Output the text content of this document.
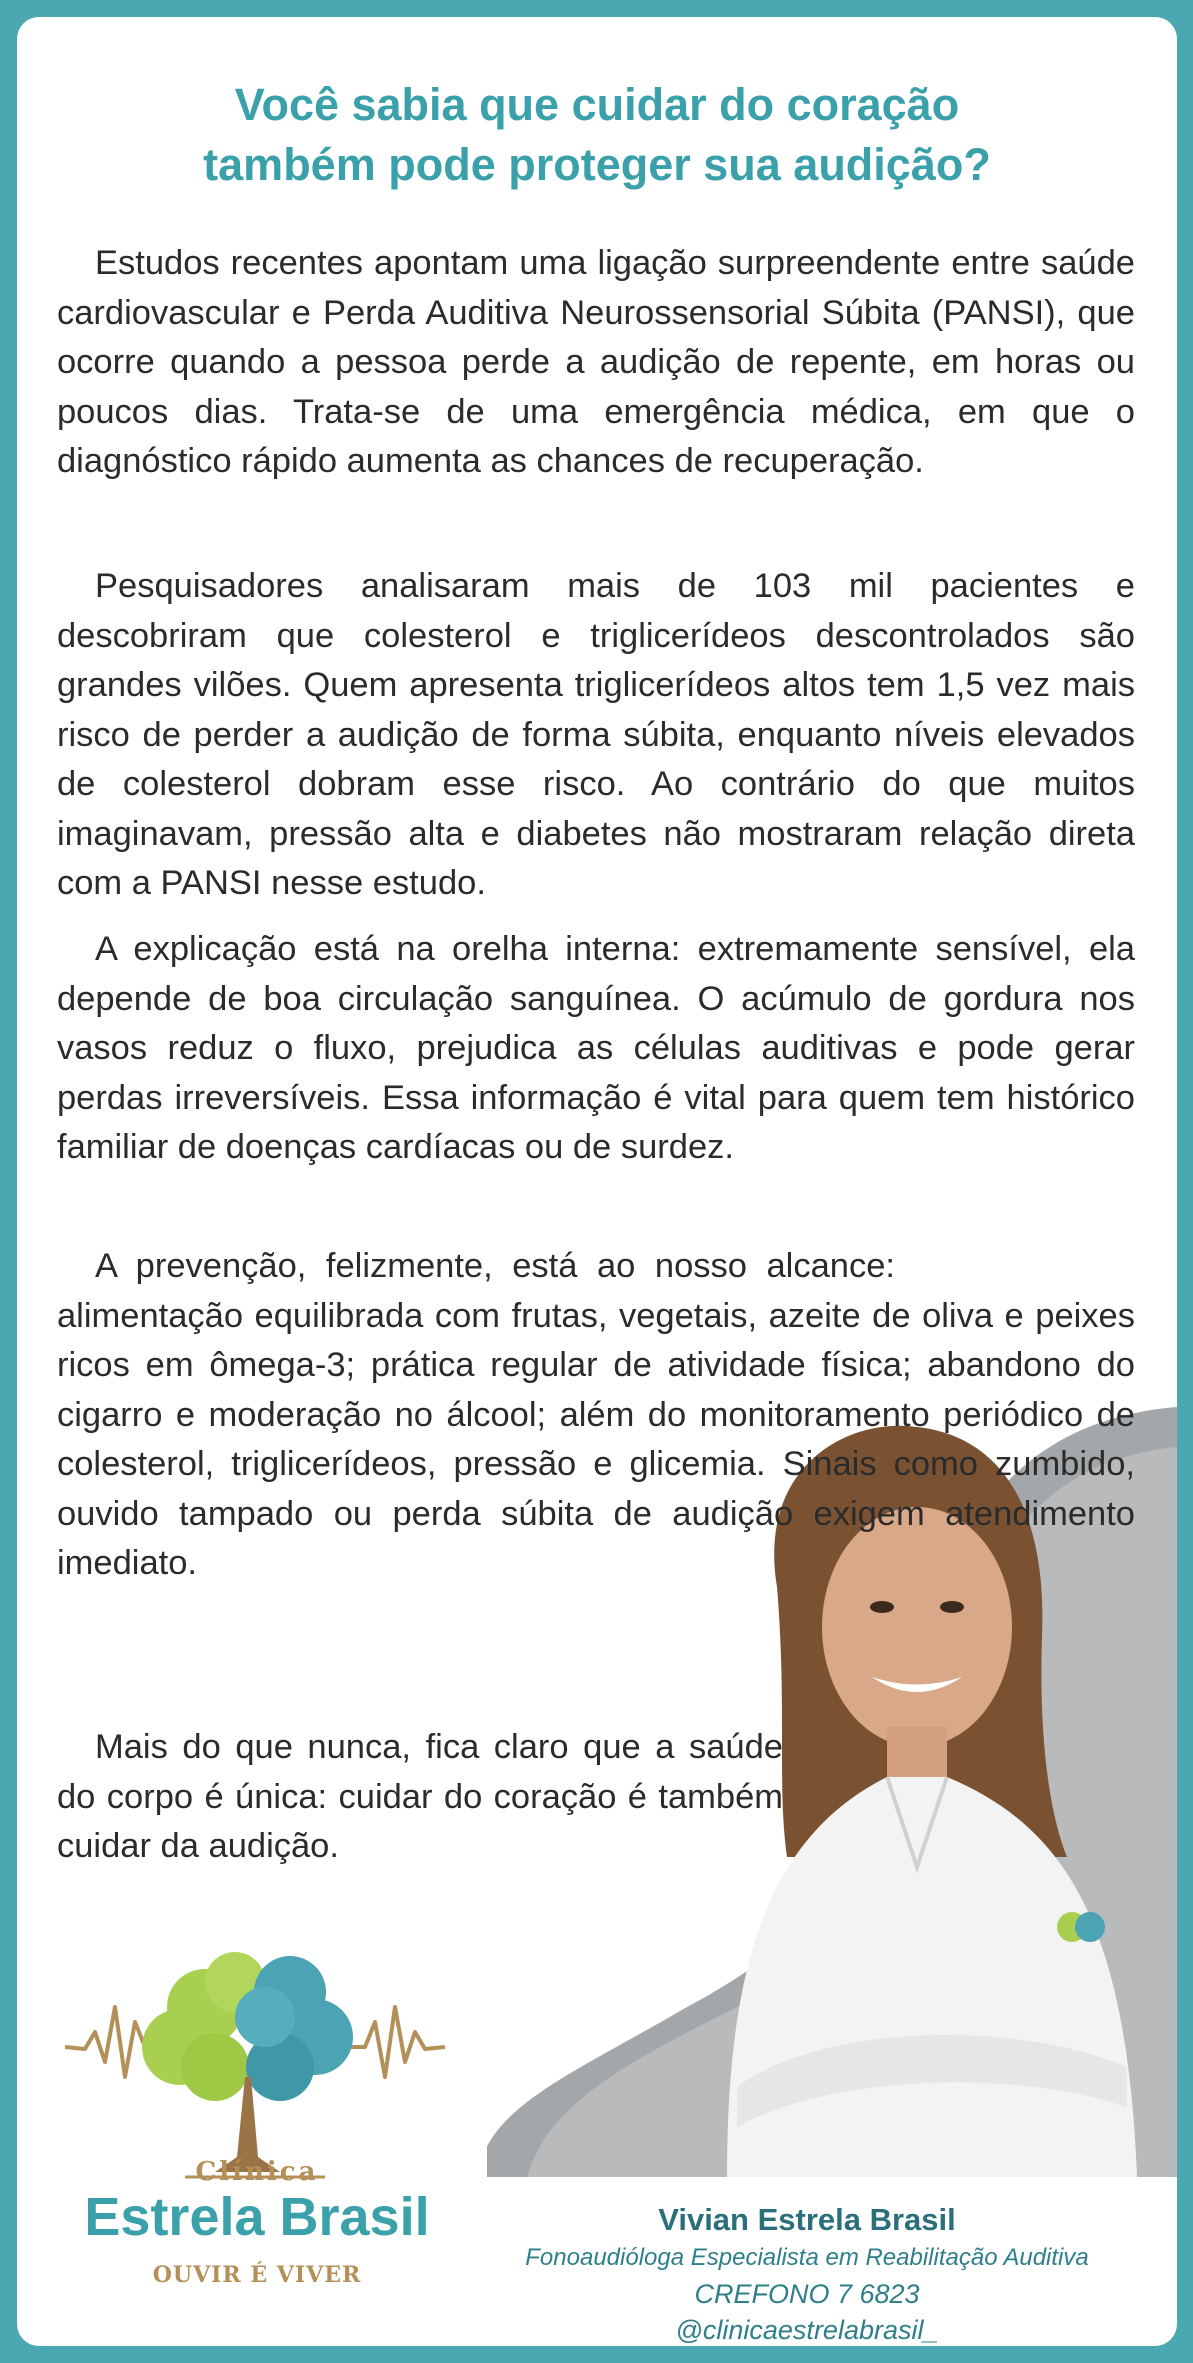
Você sabia que cuidar do coração
também pode proteger sua audição?

Estudos recentes apontam uma ligação surpreendente entre saúde cardiovascular e Perda Auditiva Neurossensorial Súbita (PANSI), que ocorre quando a pessoa perde a audição de repente, em horas ou poucos dias. Trata-se de uma emergência médica, em que o diagnóstico rápido aumenta as chances de recuperação.

Pesquisadores analisaram mais de 103 mil pacientes e descobriram que colesterol e triglicerídeos descontrolados são grandes vilões. Quem apresenta triglicerídeos altos tem 1,5 vez mais risco de perder a audição de forma súbita, enquanto níveis elevados de colesterol dobram esse risco. Ao contrário do que muitos imaginavam, pressão alta e diabetes não mostraram relação direta com a PANSI nesse estudo.

A explicação está na orelha interna: extremamente sensível, ela depende de boa circulação sanguínea. O acúmulo de gordura nos vasos reduz o fluxo, prejudica as células auditivas e pode gerar perdas irreversíveis. Essa informação é vital para quem tem histórico familiar de doenças cardíacas ou de surdez.

A prevenção, felizmente, está ao nosso alcance: alimentação equilibrada com frutas, vegetais, azeite de oliva e peixes ricos em ômega-3; prática regular de atividade física; abandono do cigarro e moderação no álcool; além do monitoramento periódico de colesterol, triglicerídeos, pressão e glicemia. Sinais como zumbido, ouvido tampado ou perda súbita de audição exigem atendimento imediato.

Mais do que nunca, fica claro que a saúde do corpo é única: cuidar do coração é também cuidar da audição.

Clínica
Estrela Brasil
OUVIR É VIVER
Vivian Estrela Brasil
Fonoaudióloga Especialista em Reabilitação Auditiva
CREFONO 7 6823
@clinicaestrelabrasil_
